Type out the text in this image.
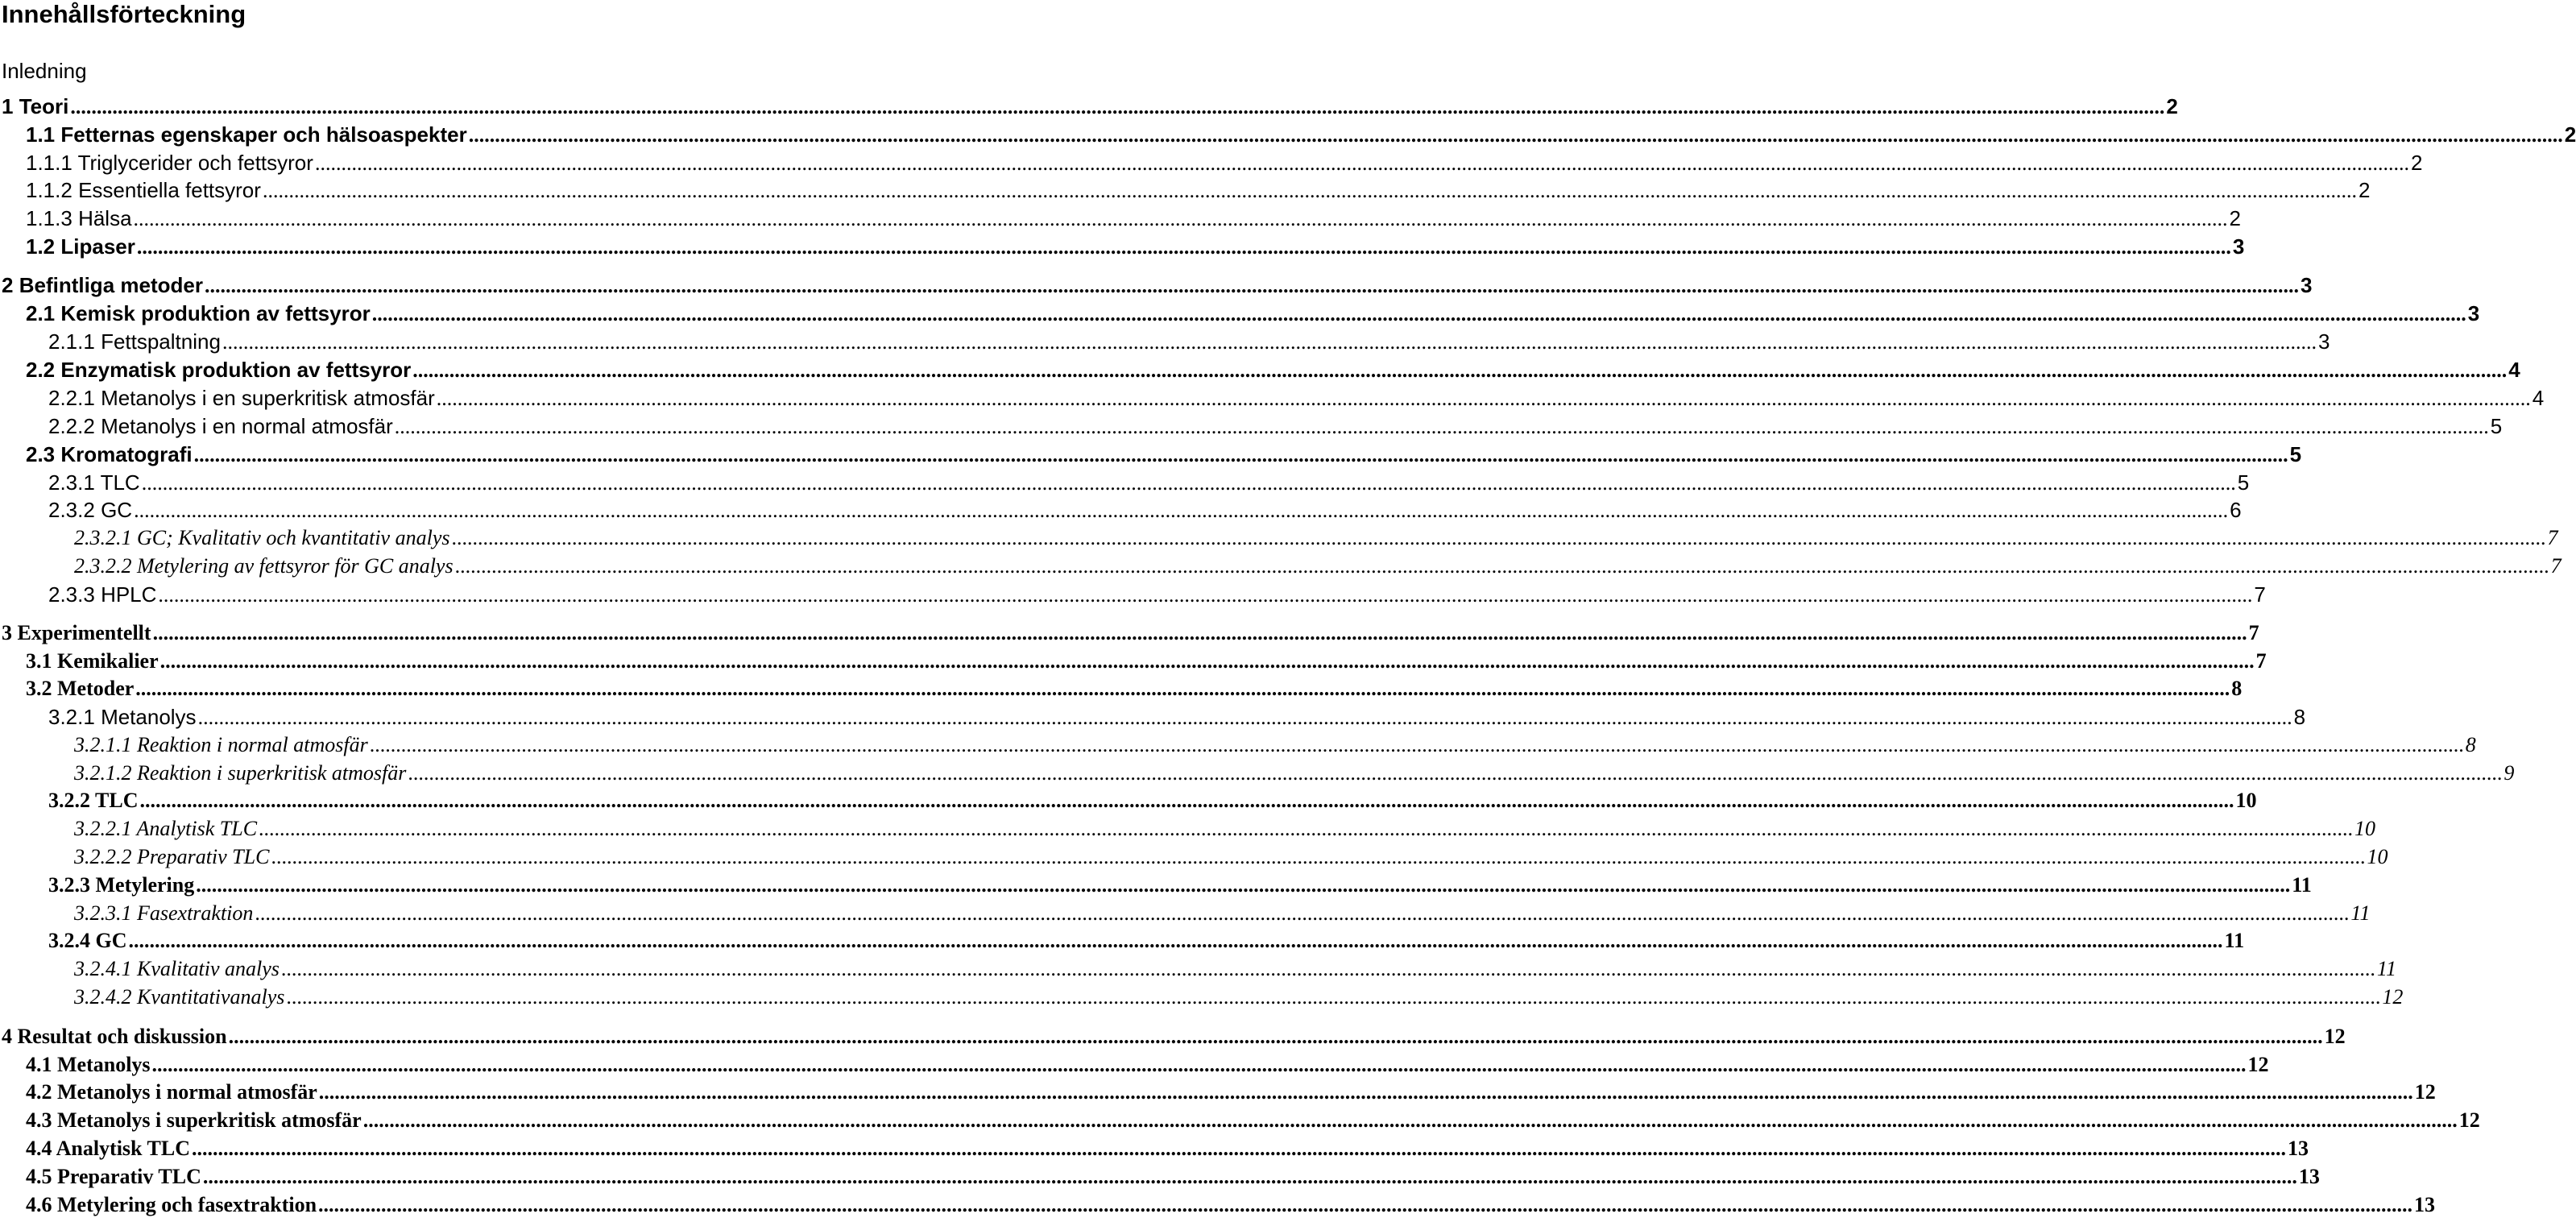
Innehållsförteckning
Inledning
1 Teori ................................................................................................................................................................................................................................................................................................................................................................................................................ 2
1.1 Fetternas egenskaper och hälsoaspekter ................................................................................................................................................................................................................................................................................................................................................................................................................ 2
1.1.1 Triglycerider och fettsyror ................................................................................................................................................................................................................................................................................................................................................................................................................ 2
1.1.2 Essentiella fettsyror ................................................................................................................................................................................................................................................................................................................................................................................................................ 2
1.1.3 Hälsa ................................................................................................................................................................................................................................................................................................................................................................................................................ 2
1.2 Lipaser ................................................................................................................................................................................................................................................................................................................................................................................................................ 3
2 Befintliga metoder ................................................................................................................................................................................................................................................................................................................................................................................................................ 3
2.1 Kemisk produktion av fettsyror ................................................................................................................................................................................................................................................................................................................................................................................................................ 3
2.1.1 Fettspaltning ................................................................................................................................................................................................................................................................................................................................................................................................................ 3
2.2 Enzymatisk produktion av fettsyror ................................................................................................................................................................................................................................................................................................................................................................................................................ 4
2.2.1 Metanolys i en superkritisk atmosfär ................................................................................................................................................................................................................................................................................................................................................................................................................ 4
2.2.2 Metanolys i en normal atmosfär ................................................................................................................................................................................................................................................................................................................................................................................................................ 5
2.3 Kromatografi ................................................................................................................................................................................................................................................................................................................................................................................................................ 5
2.3.1 TLC ................................................................................................................................................................................................................................................................................................................................................................................................................ 5
2.3.2 GC ................................................................................................................................................................................................................................................................................................................................................................................................................ 6
2.3.2.1 GC; Kvalitativ och kvantitativ analys ................................................................................................................................................................................................................................................................................................................................................................................................................ 7
2.3.2.2 Metylering av fettsyror för GC analys ................................................................................................................................................................................................................................................................................................................................................................................................................ 7
2.3.3 HPLC ................................................................................................................................................................................................................................................................................................................................................................................................................ 7
3 Experimentellt ................................................................................................................................................................................................................................................................................................................................................................................................................ 7
3.1 Kemikalier ................................................................................................................................................................................................................................................................................................................................................................................................................ 7
3.2 Metoder ................................................................................................................................................................................................................................................................................................................................................................................................................ 8
3.2.1 Metanolys ................................................................................................................................................................................................................................................................................................................................................................................................................ 8
3.2.1.1 Reaktion i normal atmosfär ................................................................................................................................................................................................................................................................................................................................................................................................................ 8
3.2.1.2 Reaktion i superkritisk atmosfär ................................................................................................................................................................................................................................................................................................................................................................................................................ 9
3.2.2 TLC ................................................................................................................................................................................................................................................................................................................................................................................................................ 10
3.2.2.1 Analytisk TLC ................................................................................................................................................................................................................................................................................................................................................................................................................ 10
3.2.2.2 Preparativ TLC ................................................................................................................................................................................................................................................................................................................................................................................................................ 10
3.2.3 Metylering ................................................................................................................................................................................................................................................................................................................................................................................................................ 11
3.2.3.1 Fasextraktion ................................................................................................................................................................................................................................................................................................................................................................................................................ 11
3.2.4 GC ................................................................................................................................................................................................................................................................................................................................................................................................................ 11
3.2.4.1 Kvalitativ analys ................................................................................................................................................................................................................................................................................................................................................................................................................ 11
3.2.4.2 Kvantitativanalys ................................................................................................................................................................................................................................................................................................................................................................................................................ 12
4 Resultat och diskussion ................................................................................................................................................................................................................................................................................................................................................................................................................ 12
4.1 Metanolys ................................................................................................................................................................................................................................................................................................................................................................................................................ 12
4.2 Metanolys i normal atmosfär ................................................................................................................................................................................................................................................................................................................................................................................................................ 12
4.3 Metanolys i superkritisk atmosfär ................................................................................................................................................................................................................................................................................................................................................................................................................ 12
4.4 Analytisk TLC ................................................................................................................................................................................................................................................................................................................................................................................................................ 13
4.5 Preparativ TLC ................................................................................................................................................................................................................................................................................................................................................................................................................ 13
4.6 Metylering och fasextraktion ................................................................................................................................................................................................................................................................................................................................................................................................................ 13
